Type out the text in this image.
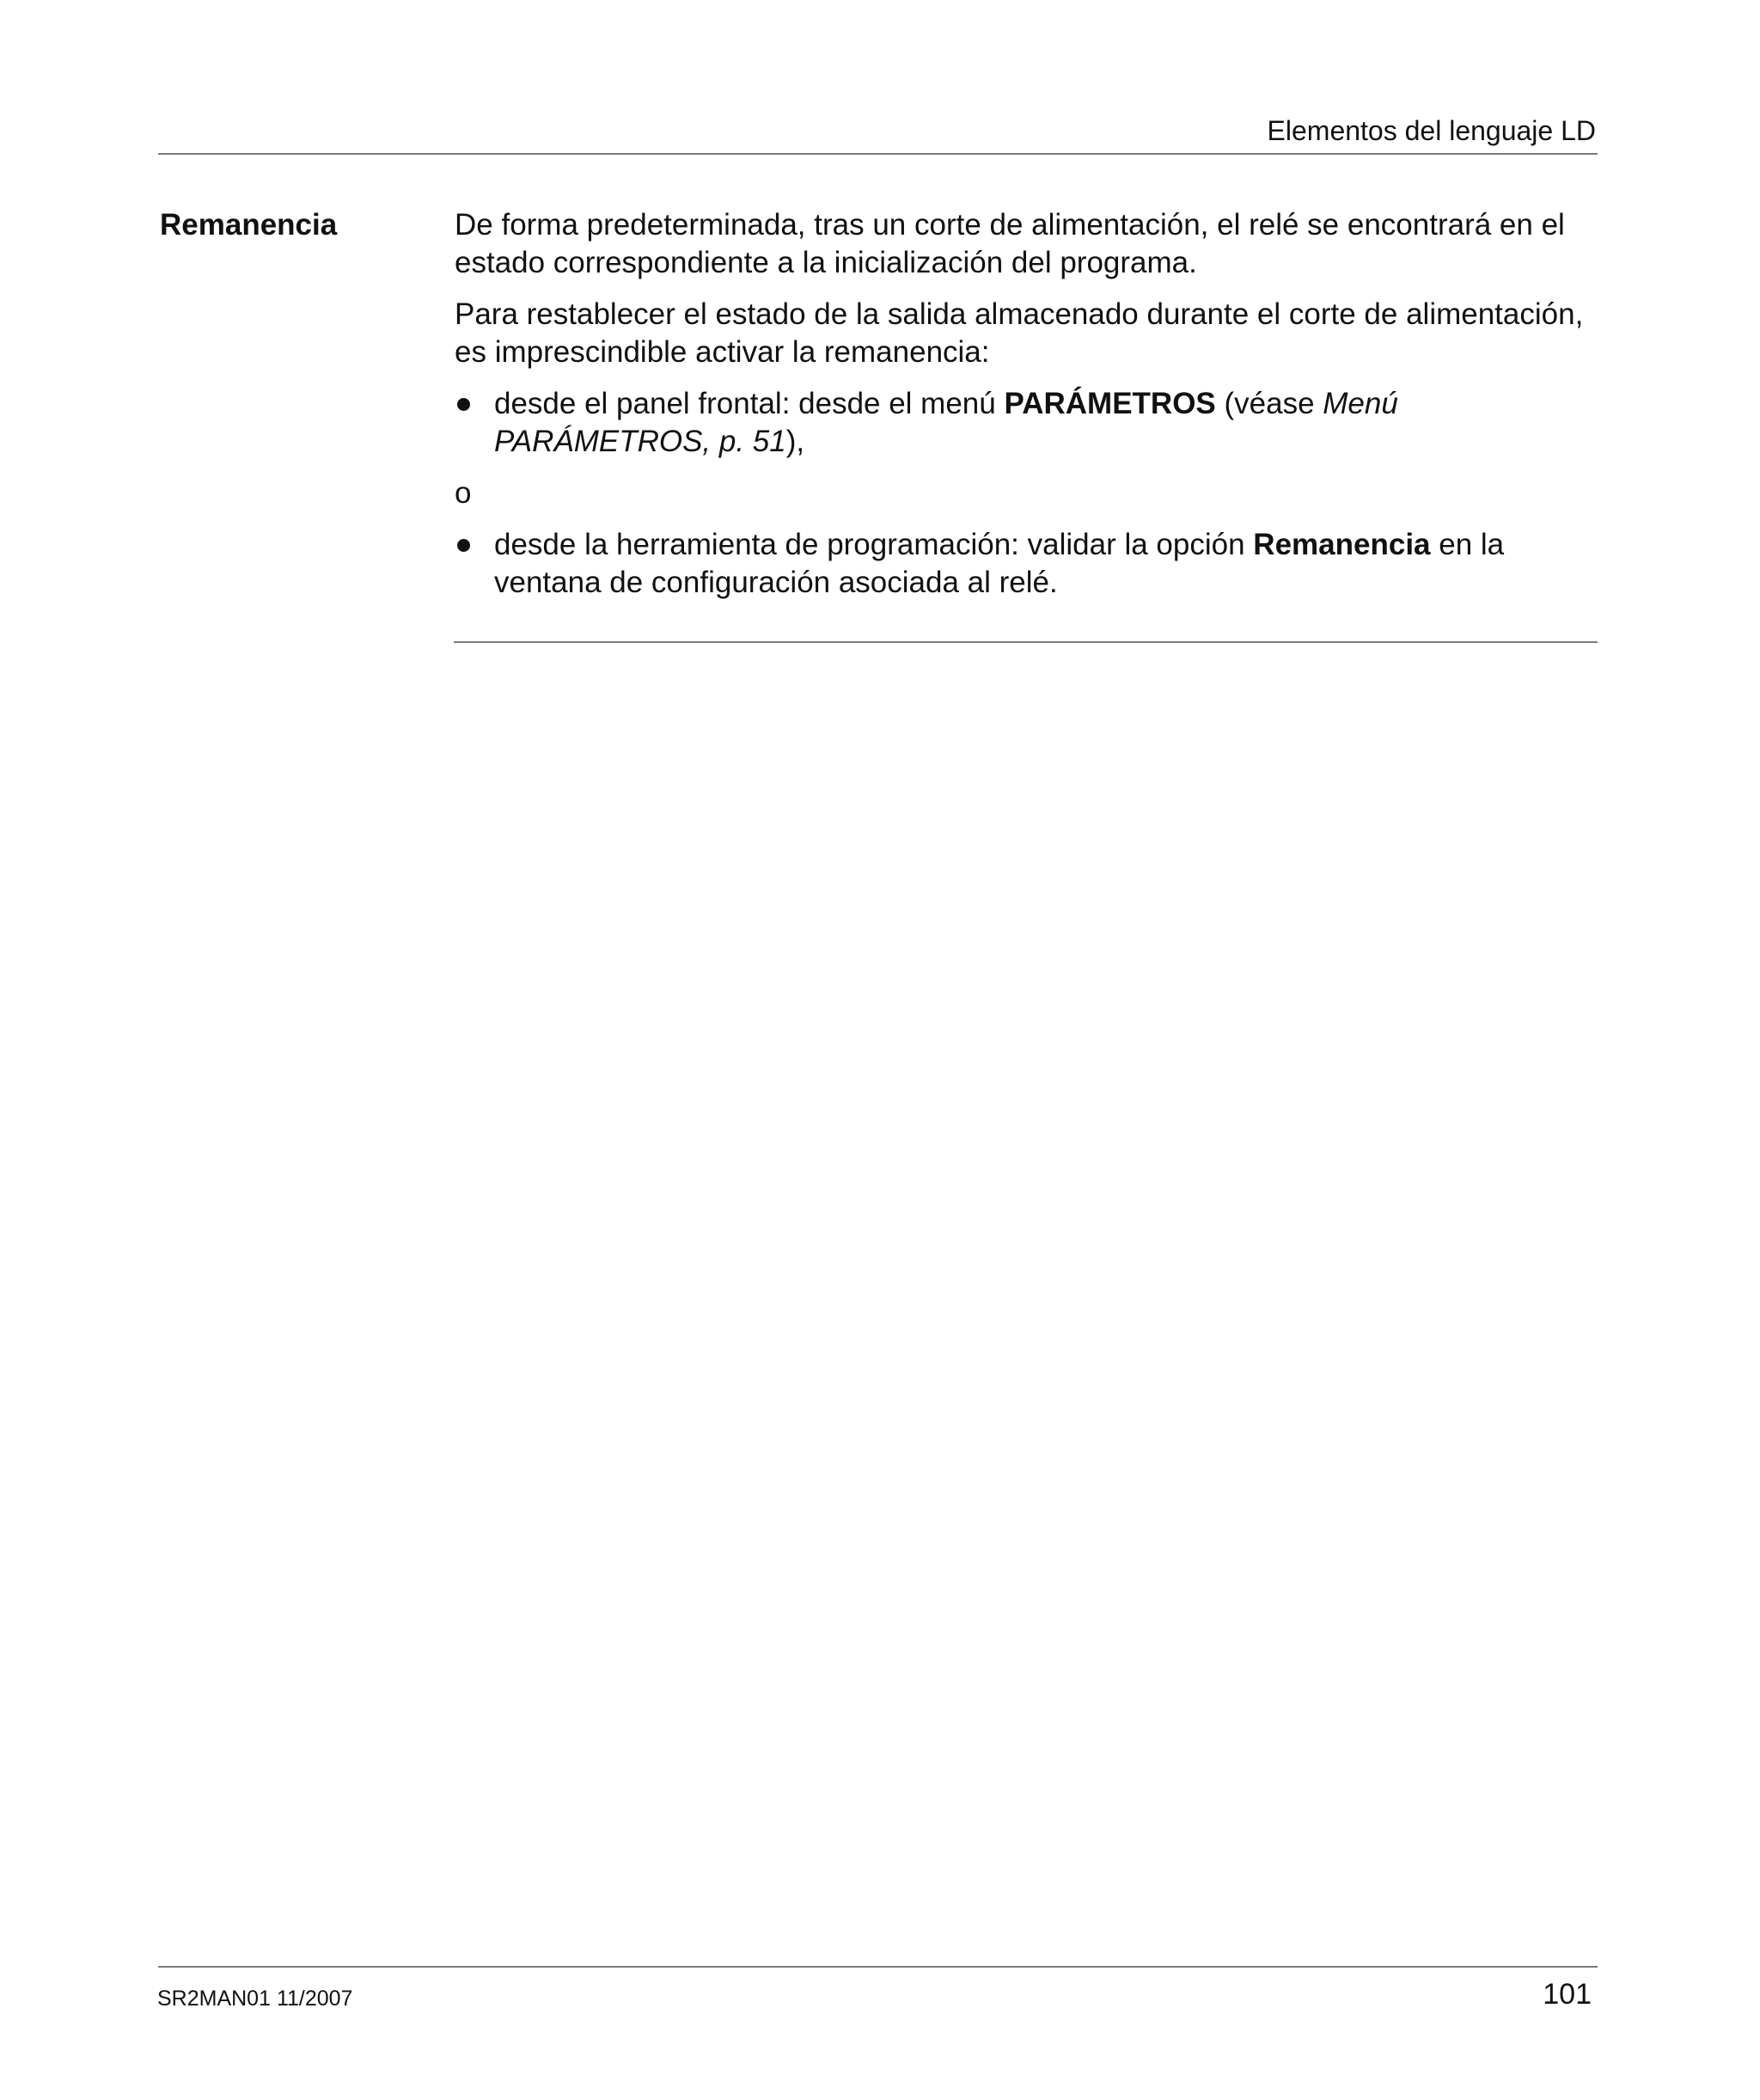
Elementos del lenguaje LD
Remanencia	De forma predeterminada, tras un corte de alimentación, el relé se encontrará en el estado correspondiente a la inicialización del programa.

Para restablecer el estado de la salida almacenado durante el corte de alimentación, es imprescindible activar la remanencia:

desde el panel frontal: desde el menú PARÁMETROS (véase Menú PARÁMETROS, p. 51),

o

desde la herramienta de programación: validar la opción Remanencia en la ventana de configuración asociada al relé.
SR2MAN01 11/2007	101
